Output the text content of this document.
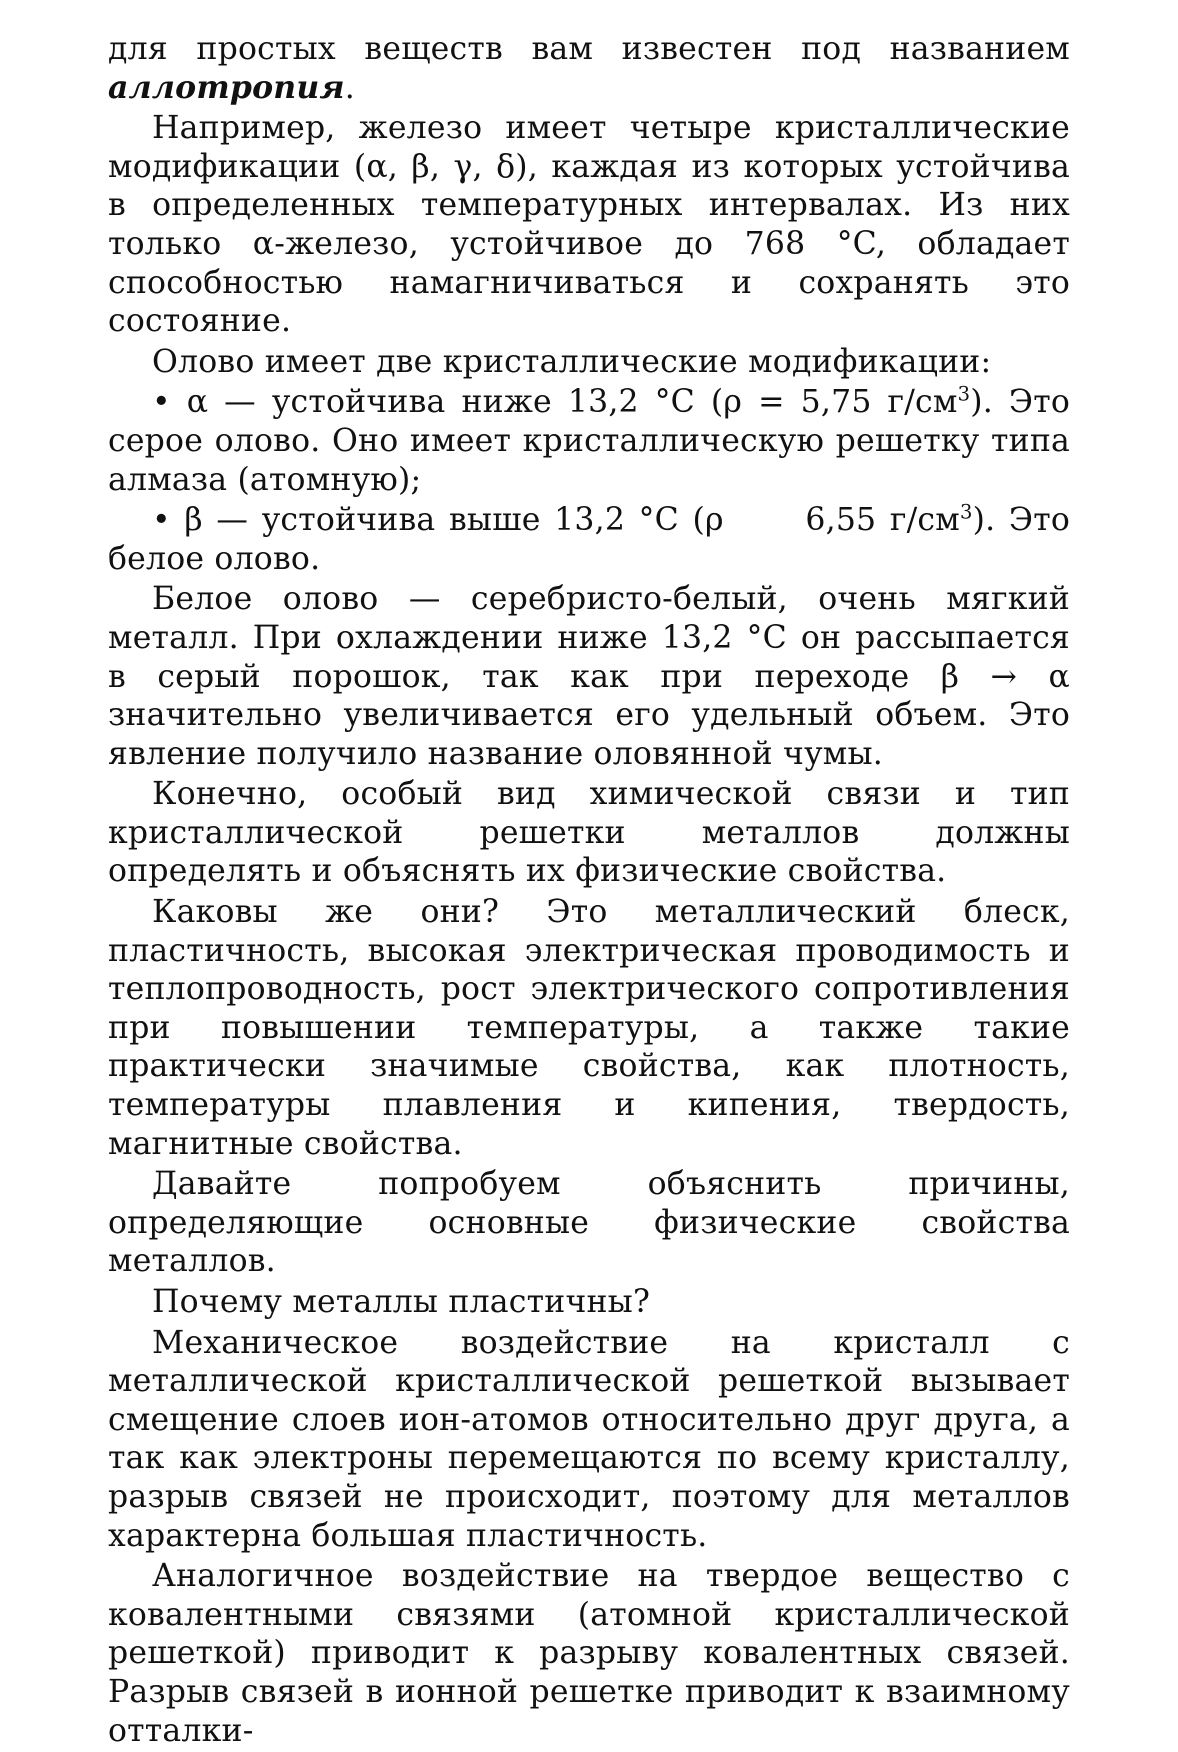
для простых веществ вам известен под названием аллотропия.

Например, железо имеет четыре кристаллические модификации (α, β, γ, δ), каждая из которых устойчива в определенных температурных интервалах. Из них только α-железо, устойчивое до 768 °C, обладает способностью намагничиваться и сохранять это состояние.

Олово имеет две кристаллические модификации:

• α — устойчива ниже 13,2 °C (ρ = 5,75 $г/см^3$). Это серое олово. Оно имеет кристаллическую решетку типа алмаза (атомную);

• β — устойчива выше 13,2 °C (ρ      6,55 $г/см^3$). Это белое олово.

Белое олово — серебристо-белый, очень мягкий металл. При охлаждении ниже 13,2 °C он рассыпается в серый порошок, так как при переходе β → α значительно увеличивается его удельный объем. Это явление получило название оловянной чумы.

Конечно, особый вид химической связи и тип кристаллической решетки металлов должны определять и объяснять их физические свойства.

Каковы же они? Это металлический блеск, пластичность, высокая электрическая проводимость и теплопроводность, рост электрического сопротивления при повышении температуры, а также такие практически значимые свойства, как плотность, температуры плавления и кипения, твердость, магнитные свойства.

Давайте попробуем объяснить причины, определяющие основные физические свойства металлов.

Почему металлы пластичны?

Механическое воздействие на кристалл с металлической кристаллической решеткой вызывает смещение слоев ион-атомов относительно друг друга, а так как электроны перемещаются по всему кристаллу, разрыв связей не происходит, поэтому для металлов характерна большая пластичность.

Аналогичное воздействие на твердое вещество с ковалентными связями (атомной кристаллической решеткой) приводит к разрыву ковалентных связей. Разрыв связей в ионной решетке приводит к взаимному отталки-
